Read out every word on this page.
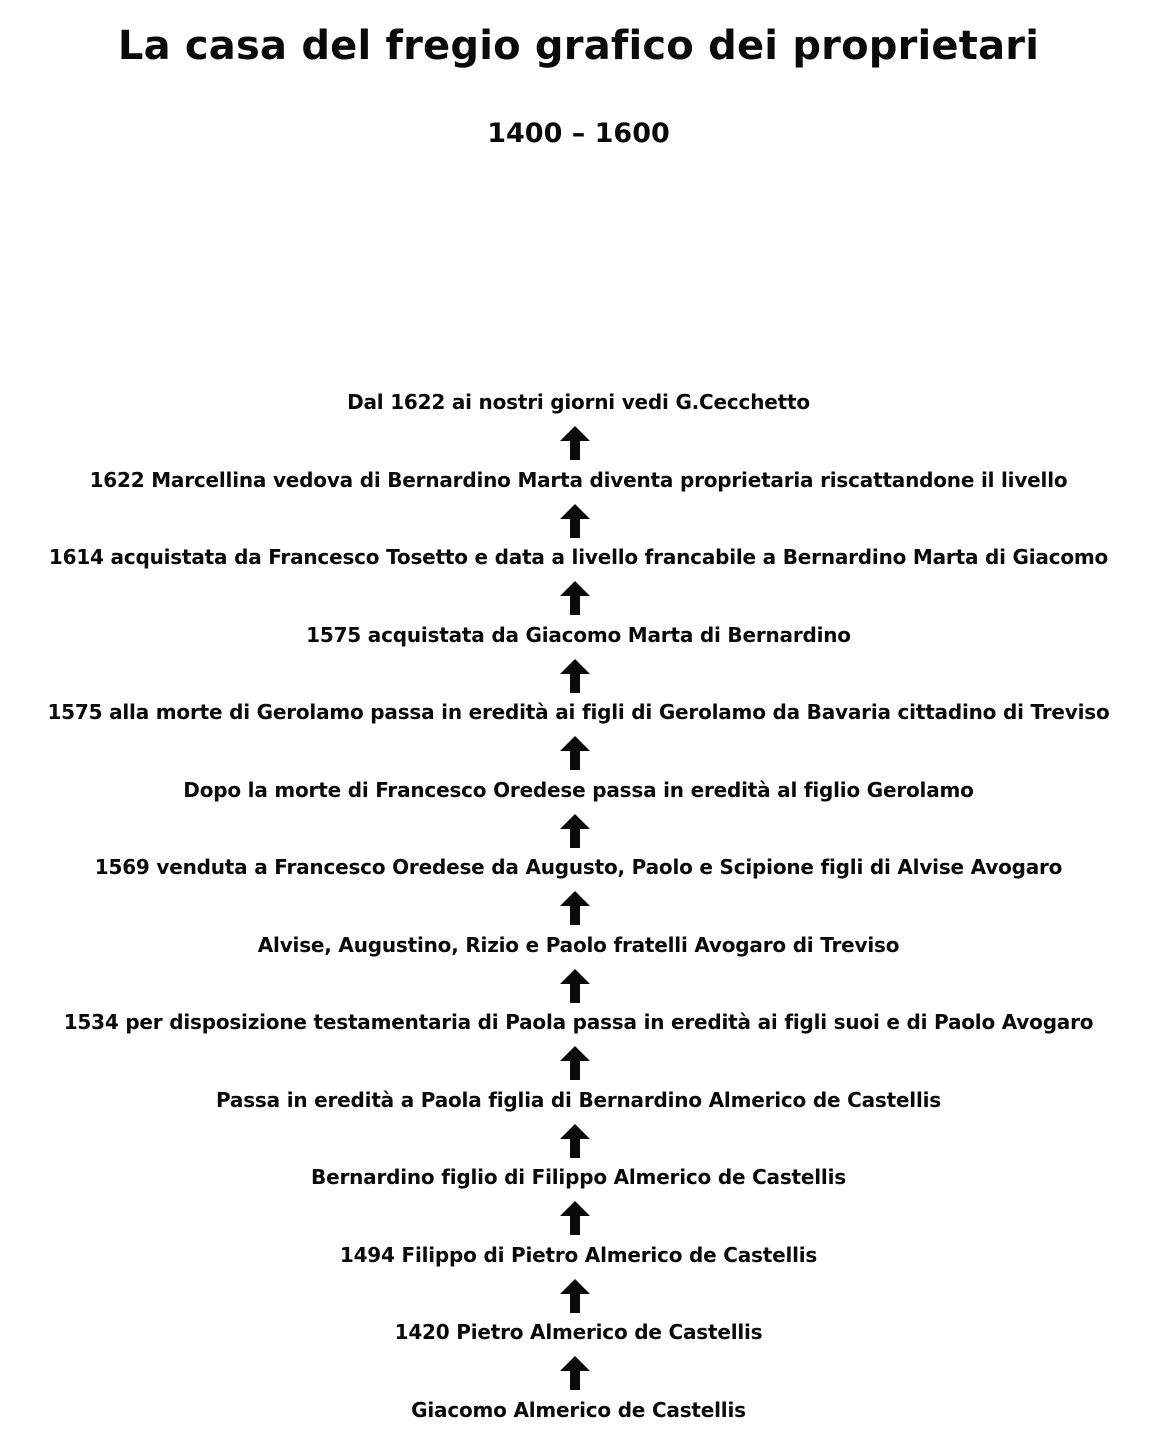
La casa del fregio grafico dei proprietari
1400 – 1600
Dal 1622 ai nostri giorni vedi G.Cecchetto
1622 Marcellina vedova di Bernardino Marta diventa proprietaria riscattandone il livello
1614 acquistata da Francesco Tosetto e data a livello francabile a Bernardino Marta di Giacomo
1575 acquistata da Giacomo Marta di Bernardino
1575 alla morte di Gerolamo passa in eredità ai figli di Gerolamo da Bavaria cittadino di Treviso
Dopo la morte di Francesco Oredese passa in eredità al figlio Gerolamo
1569 venduta a Francesco Oredese da Augusto, Paolo e Scipione figli di Alvise Avogaro
Alvise, Augustino, Rizio e Paolo fratelli Avogaro di Treviso
1534 per disposizione testamentaria di Paola passa in eredità ai figli suoi e di Paolo Avogaro
Passa in eredità a Paola figlia di Bernardino Almerico de Castellis
Bernardino figlio di Filippo Almerico de Castellis
1494 Filippo di Pietro Almerico de Castellis
1420 Pietro Almerico de Castellis
Giacomo Almerico de Castellis
